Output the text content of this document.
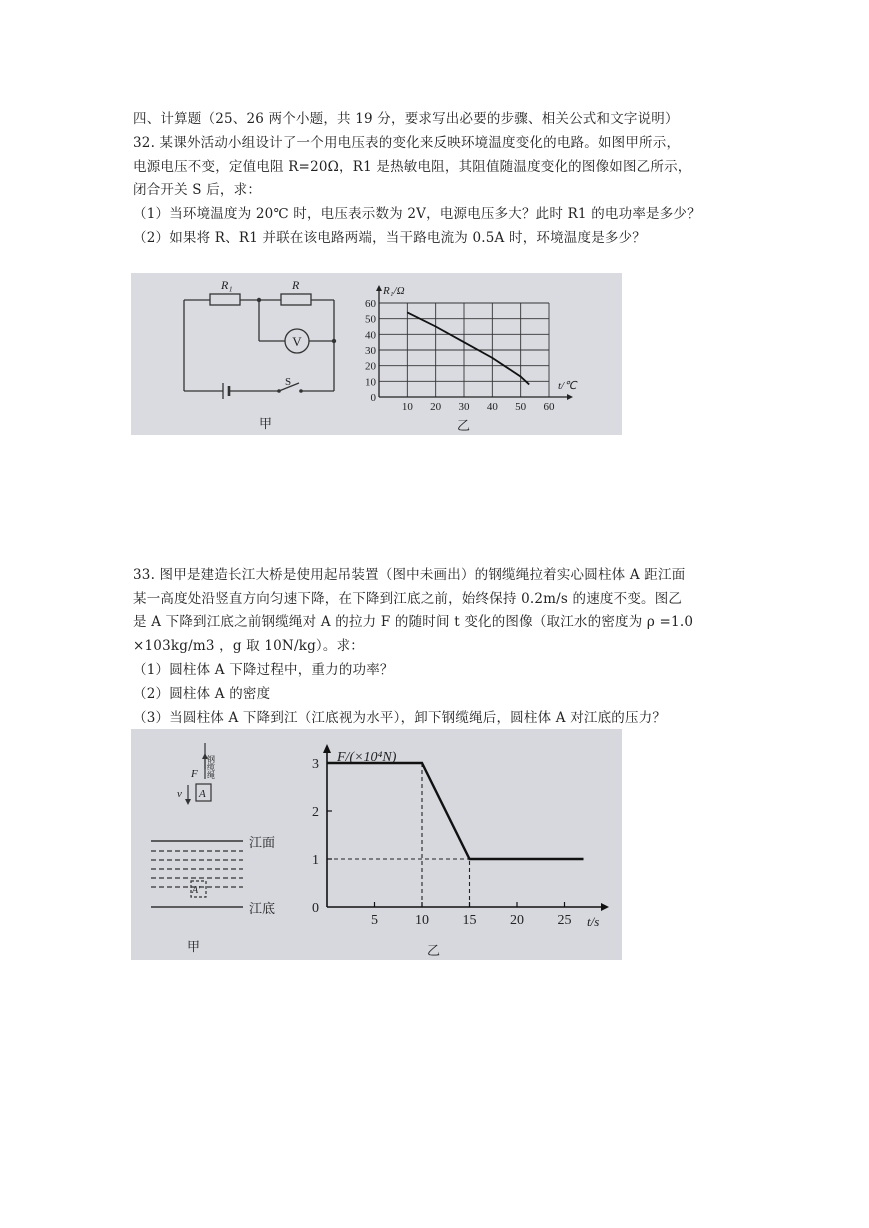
四、计算题（25、26 两个小题，共 19 分，要求写出必要的步骤、相关公式和文字说明）
32. 某课外活动小组设计了一个用电压表的变化来反映环境温度变化的电路。如图甲所示，
电源电压不变，定值电阻 R=20Ω，R1 是热敏电阻，其阻值随温度变化的图像如图乙所示，
闭合开关 S 后，求：
（1）当环境温度为 20℃ 时，电压表示数为 2V，电源电压多大？此时 R1 的电功率是多少？
（2）如果将 R、R1 并联在该电路两端，当干路电流为 0.5A 时，环境温度是多少？
R₁	R
V
S
甲
10 20 30 40 50 60
0
10
20
30
40
50
60
R₁/Ω
t/℃
乙
33. 图甲是建造长江大桥是使用起吊装置（图中未画出）的钢缆绳拉着实心圆柱体 A 距江面
某一高度处沿竖直方向匀速下降，在下降到江底之前，始终保持 0.2m/s 的速度不变。图乙
是 A 下降到江底之前钢缆绳对 A 的拉力 F 的随时间 t 变化的图像（取江水的密度为 ρ =1.0
×103kg/m3 ，g 取 10N/kg）。求：
（1）圆柱体 A 下降过程中，重力的功率？
（2）圆柱体 A 的密度
（3）当圆柱体 A 下降到江（江底视为水平），卸下钢缆绳后，圆柱体 A 对江底的压力？
钢缆绳
F
v A
A'
江面
江底
甲
5	10 15 20 25
1
2
3
0
F/(×10⁴N)
t/s
乙
